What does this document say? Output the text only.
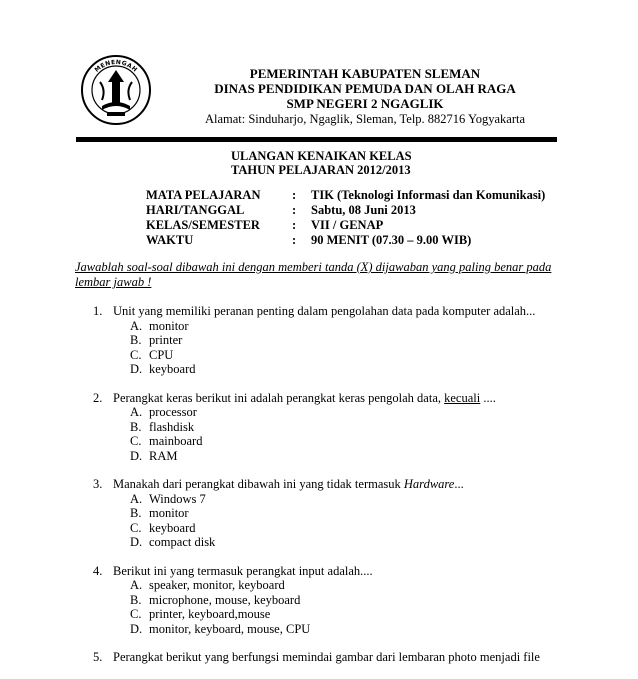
MENENGAH	PEMERINTAH KABUPATEN SLEMAN
DINAS PENDIDIKAN PEMUDA DAN OLAH RAGA
SMP NEGERI 2 NGAGLIK
Alamat: Sinduharjo, Ngaglik, Sleman, Telp. 882716 Yogyakarta
ULANGAN KENAIKAN KELAS
TAHUN PELAJARAN 2012/2013
MATA PELAJARAN	: TIK (Teknologi Informasi dan Komunikasi)
HARI/TANGGAL	: Sabtu, 08 Juni 2013
KELAS/SEMESTER	: VII / GENAP
WAKTU	: 90 MENIT (07.30 – 9.00 WIB)
Jawablah soal-soal dibawah ini dengan memberi tanda (X) dijawaban yang paling benar pada lembar jawab !
1. Unit yang memiliki peranan penting dalam pengolahan data pada komputer adalah...
A. monitor
B. printer
C. CPU
D. keyboard
2. Perangkat keras berikut ini adalah perangkat keras pengolah data, kecuali ....
A. processor
B. flashdisk
C. mainboard
D. RAM
3. Manakah dari perangkat dibawah ini yang tidak termasuk Hardware...
A. Windows 7
B. monitor
C. keyboard
D. compact disk
4. Berikut ini yang termasuk perangkat input adalah....
A. speaker, monitor, keyboard
B. microphone, mouse, keyboard
C. printer, keyboard,mouse
D. monitor, keyboard, mouse, CPU
5. Perangkat berikut yang berfungsi memindai gambar dari lembaran photo menjadi file
